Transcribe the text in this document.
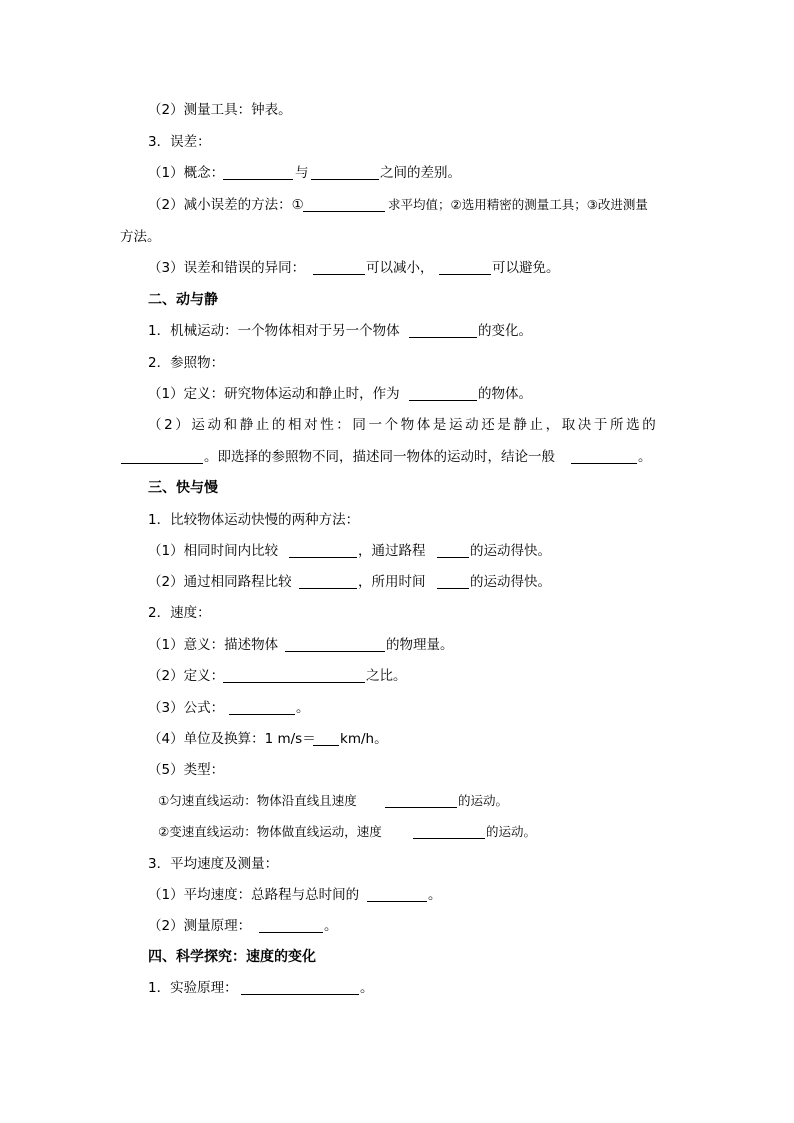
（2）测量工具：钟表。
3．误差：
（1）概念：	与	之间的差别。
（2）减小误差的方法：①	求平均值；②选用精密的测量工具；③改进测量
方法。
（3）误差和错误的异同：	可以减小，	可以避免。
二、动与静
1．机械运动：一个物体相对于另一个物体	的变化。
2．参照物：
（1）定义：研究物体运动和静止时，作为	的物体。
（2）运动和静止的相对性：同一个物体是运动还是静止，取决于所选的
。即选择的参照物不同，描述同一物体的运动时，结论一般	。
三、快与慢
1．比较物体运动快慢的两种方法：
（1）相同时间内比较	，通过路程	的运动得快。
（2）通过相同路程比较	，所用时间	的运动得快。
2．速度：
（1）意义：描述物体	的物理量。
（2）定义：	之比。
（3）公式：	。
（4）单位及换算：1 m/s＝ km/h。
（5）类型：
①匀速直线运动：物体沿直线且速度	的运动。
②变速直线运动：物体做直线运动，速度	的运动。
3．平均速度及测量：
（1）平均速度：总路程与总时间的	。
（2）测量原理：	。
四、科学探究：速度的变化
1．实验原理：	。
